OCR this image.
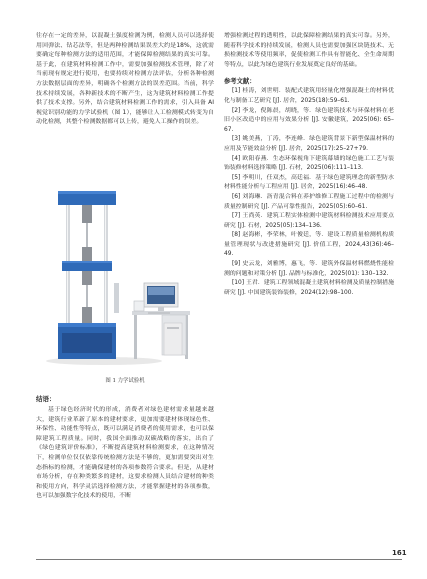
往存在一定的差异，以混凝土强度检测为例，检测人员可以选择使用回弹法、钻芯法等，但是两种检测结果误差大约是18%，这就需要确定每种检测方法的适用范围，才能保障检测结果的真实可靠。基于此，在建筑材料检测工作中，需要加强检测技术管理，除了对当前现有规定进行使用，也要持续对检测方法评估，分析各种检测方法数据层面的差异，明确各个检测方法的误差范围。当前，科学技术持续发展，各种新技术的不断产生，这为建筑材料检测工作提供了技术支撑。另外，结合建筑材料检测工作的需求，引入具备 AI 视觉识别功能的力学试验机（图 1），能够让人工检测模式转变为自动化检测，其整个检测数据都可以上传，避免人工操作的误差。

图 1 力学试验机
结语：

基于绿色经济时代的形成，消费者对绿色建材需求量越来越大，建筑行业革新了原本的建材要求，更加需要建材体现绿色性、环保性、功能性等特点，既可以满足消费者的使用需求，也可以保障建筑工程质量。同时，我国全面推动双碳战略的落实，出台了《绿色建筑评价标准》，不断提高建筑材料检测要求，在这种情况下，检测单位仅仅依靠传统检测方法是不够的，更加需要突出对生态指标的检测，才能确保建材的各项参数符合要求。但是，从建材市场分析，存在种类繁多的建材，这要求检测人员结合建材的种类和使用方向，科学灵活选择检测方法，才能掌握建材的各项参数，也可以加强数字化技术的使用，不断

增强检测过程的透明性，以此保障检测结果的真实可靠。另外，随着科学技术的持续发展，检测人员也需要加强区块链技术、无损检测技术等使用频率，促使检测工作具有智能化、全生命周期等特点，以此为绿色建筑行业发展奠定良好的基础。

参考文献：

[1] 桂涛，刘世明．装配式建筑用轻量化增强混凝土的材料优化与制备工艺研究 [J]. 居舍，2025(18):59–61.

[2] 李龙，倪陈晨，胡晓，等．绿色建筑技术与环保材料在老旧小区改造中的应用与效果分析 [J]. 安徽建筑，2025(06): 65–67.

[3] 姚美燕，丁涛，李连峰．绿色建筑背景下新型保温材料的应用及节能效益分析 [J]. 居舍，2025(17):25–27+79.

[4] 欧阳春燕．生态环保视角下建筑幕墙的绿色施工工艺与装饰装修材料选择策略 [J]. 石材，2025(06):111–113.

[5] 李明川，任双杰，高廷福．基于绿色建筑理念的新型防水材料性能分析与工程应用 [J]. 居舍，2025(16):46–48.

[6] 刘海琳．沥青混合料在养护维修工程施工过程中的检测与质量控制研究 [J]. 产品可靠性报告，2025(05):60–61.

[7] 王尚英．建筑工程实体检测中建筑材料检测技术应用要点研究 [J]. 石材，2025(05):134–136.

[8] 赵海彬，李荣林，叶俊廷，等．建设工程质量检测机构质量管理现状与改进措施研究 [J]. 价值工程，2024,43(36):46–49.

[9] 史云龙，刘雅博，惠飞，等．建筑外保温材料燃烧性能检测的问题和对策分析 [J]. 品牌与标准化，2025(01): 130–132.

[10] 王君．建筑工程领域混凝土建筑材料检测及质量控制措施研究 [J]. 中国建筑装饰装修，2024(12):98–100.

161
